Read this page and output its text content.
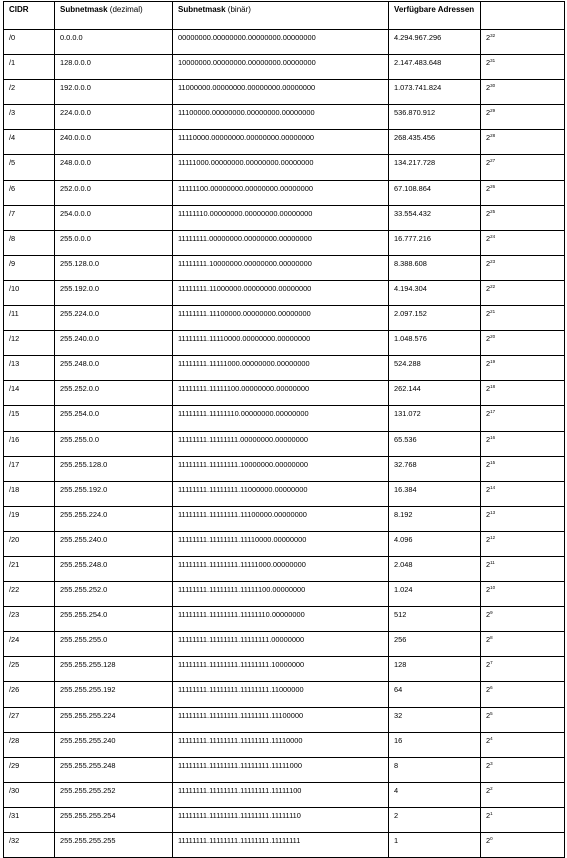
CIDR	Subnetmask (dezimal)	Subnetmask (binär)	Verfügbare Adressen	
/0	0.0.0.0	00000000.00000000.00000000.00000000	4.294.967.296	$2^{32}$
/1	128.0.0.0	10000000.00000000.00000000.00000000	2.147.483.648	$2^{31}$
/2	192.0.0.0	11000000.00000000.00000000.00000000	1.073.741.824	$2^{30}$
/3	224.0.0.0	11100000.00000000.00000000.00000000	536.870.912	$2^{29}$
/4	240.0.0.0	11110000.00000000.00000000.00000000	268.435.456	$2^{28}$
/5	248.0.0.0	11111000.00000000.00000000.00000000	134.217.728	$2^{27}$
/6	252.0.0.0	11111100.00000000.00000000.00000000	67.108.864	$2^{26}$
/7	254.0.0.0	11111110.00000000.00000000.00000000	33.554.432	$2^{25}$
/8	255.0.0.0	11111111.00000000.00000000.00000000	16.777.216	$2^{24}$
/9	255.128.0.0	11111111.10000000.00000000.00000000	8.388.608	$2^{23}$
/10	255.192.0.0	11111111.11000000.00000000.00000000	4.194.304	$2^{22}$
/11	255.224.0.0	11111111.11100000.00000000.00000000	2.097.152	$2^{21}$
/12	255.240.0.0	11111111.11110000.00000000.00000000	1.048.576	$2^{20}$
/13	255.248.0.0	11111111.11111000.00000000.00000000	524.288	$2^{19}$
/14	255.252.0.0	11111111.11111100.00000000.00000000	262.144	$2^{18}$
/15	255.254.0.0	11111111.11111110.00000000.00000000	131.072	$2^{17}$
/16	255.255.0.0	11111111.11111111.00000000.00000000	65.536	$2^{16}$
/17	255.255.128.0	11111111.11111111.10000000.00000000	32.768	$2^{15}$
/18	255.255.192.0	11111111.11111111.11000000.00000000	16.384	$2^{14}$
/19	255.255.224.0	11111111.11111111.11100000.00000000	8.192	$2^{13}$
/20	255.255.240.0	11111111.11111111.11110000.00000000	4.096	$2^{12}$
/21	255.255.248.0	11111111.11111111.11111000.00000000	2.048	$2^{11}$
/22	255.255.252.0	11111111.11111111.11111100.00000000	1.024	$2^{10}$
/23	255.255.254.0	11111111.11111111.11111110.00000000	512	$2^9$
/24	255.255.255.0	11111111.11111111.11111111.00000000	256	$2^8$
/25	255.255.255.128	11111111.11111111.11111111.10000000	128	$2^7$
/26	255.255.255.192	11111111.11111111.11111111.11000000	64	$2^6$
/27	255.255.255.224	11111111.11111111.11111111.11100000	32	$2^5$
/28	255.255.255.240	11111111.11111111.11111111.11110000	16	$2^4$
/29	255.255.255.248	11111111.11111111.11111111.11111000	8	$2^3$
/30	255.255.255.252	11111111.11111111.11111111.11111100	4	$2^2$
/31	255.255.255.254	11111111.11111111.11111111.11111110	2	$2^1$
/32	255.255.255.255	11111111.11111111.11111111.11111111	1	$2^0$
